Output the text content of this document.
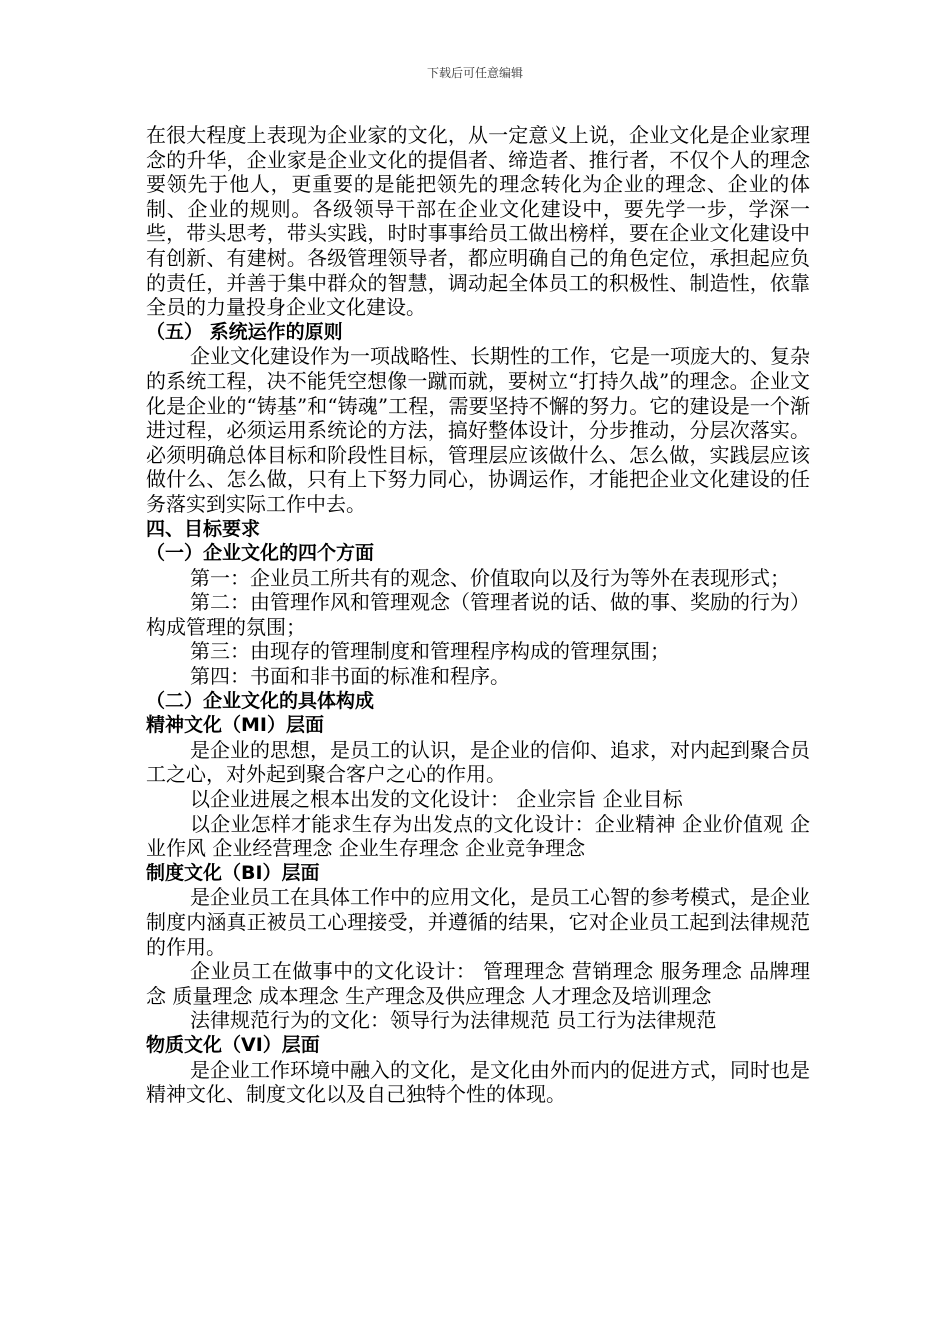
下载后可任意编辑

在很大程度上表现为企业家的文化，从一定意义上说，企业文化是企业家理念的升华，企业家是企业文化的提倡者、缔造者、推行者，不仅个人的理念要领先于他人，更重要的是能把领先的理念转化为企业的理念、企业的体制、企业的规则。各级领导干部在企业文化建设中，要先学一步，学深一些，带头思考，带头实践，时时事事给员工做出榜样，要在企业文化建设中有创新、有建树。各级管理领导者，都应明确自己的角色定位，承担起应负的责任，并善于集中群众的智慧，调动起全体员工的积极性、制造性，依靠全员的力量投身企业文化建设。

（五） 系统运作的原则

企业文化建设作为一项战略性、长期性的工作，它是一项庞大的、复杂的系统工程，决不能凭空想像一蹴而就，要树立“打持久战”的理念。企业文化是企业的“铸基”和“铸魂”工程，需要坚持不懈的努力。它的建设是一个渐进过程，必须运用系统论的方法，搞好整体设计，分步推动，分层次落实。必须明确总体目标和阶段性目标，管理层应该做什么、怎么做，实践层应该做什么、怎么做，只有上下努力同心，协调运作，才能把企业文化建设的任务落实到实际工作中去。

四、目标要求

（一）企业文化的四个方面

第一：企业员工所共有的观念、价值取向以及行为等外在表现形式；

第二：由管理作风和管理观念（管理者说的话、做的事、奖励的行为）构成管理的氛围；

第三：由现存的管理制度和管理程序构成的管理氛围；

第四：书面和非书面的标准和程序。

（二）企业文化的具体构成

精神文化（MI）层面

是企业的思想，是员工的认识，是企业的信仰、追求，对内起到聚合员工之心，对外起到聚合客户之心的作用。

以企业进展之根本出发的文化设计： 企业宗旨 企业目标

以企业怎样才能求生存为出发点的文化设计：企业精神 企业价值观 企业作风 企业经营理念 企业生存理念 企业竞争理念

制度文化（BI）层面

是企业员工在具体工作中的应用文化，是员工心智的参考模式，是企业制度内涵真正被员工心理接受，并遵循的结果，它对企业员工起到法律规范的作用。

企业员工在做事中的文化设计： 管理理念 营销理念 服务理念 品牌理念 质量理念 成本理念 生产理念及供应理念 人才理念及培训理念

法律规范行为的文化：领导行为法律规范 员工行为法律规范

物质文化（VI）层面

是企业工作环境中融入的文化，是文化由外而内的促进方式，同时也是精神文化、制度文化以及自己独特个性的体现。
